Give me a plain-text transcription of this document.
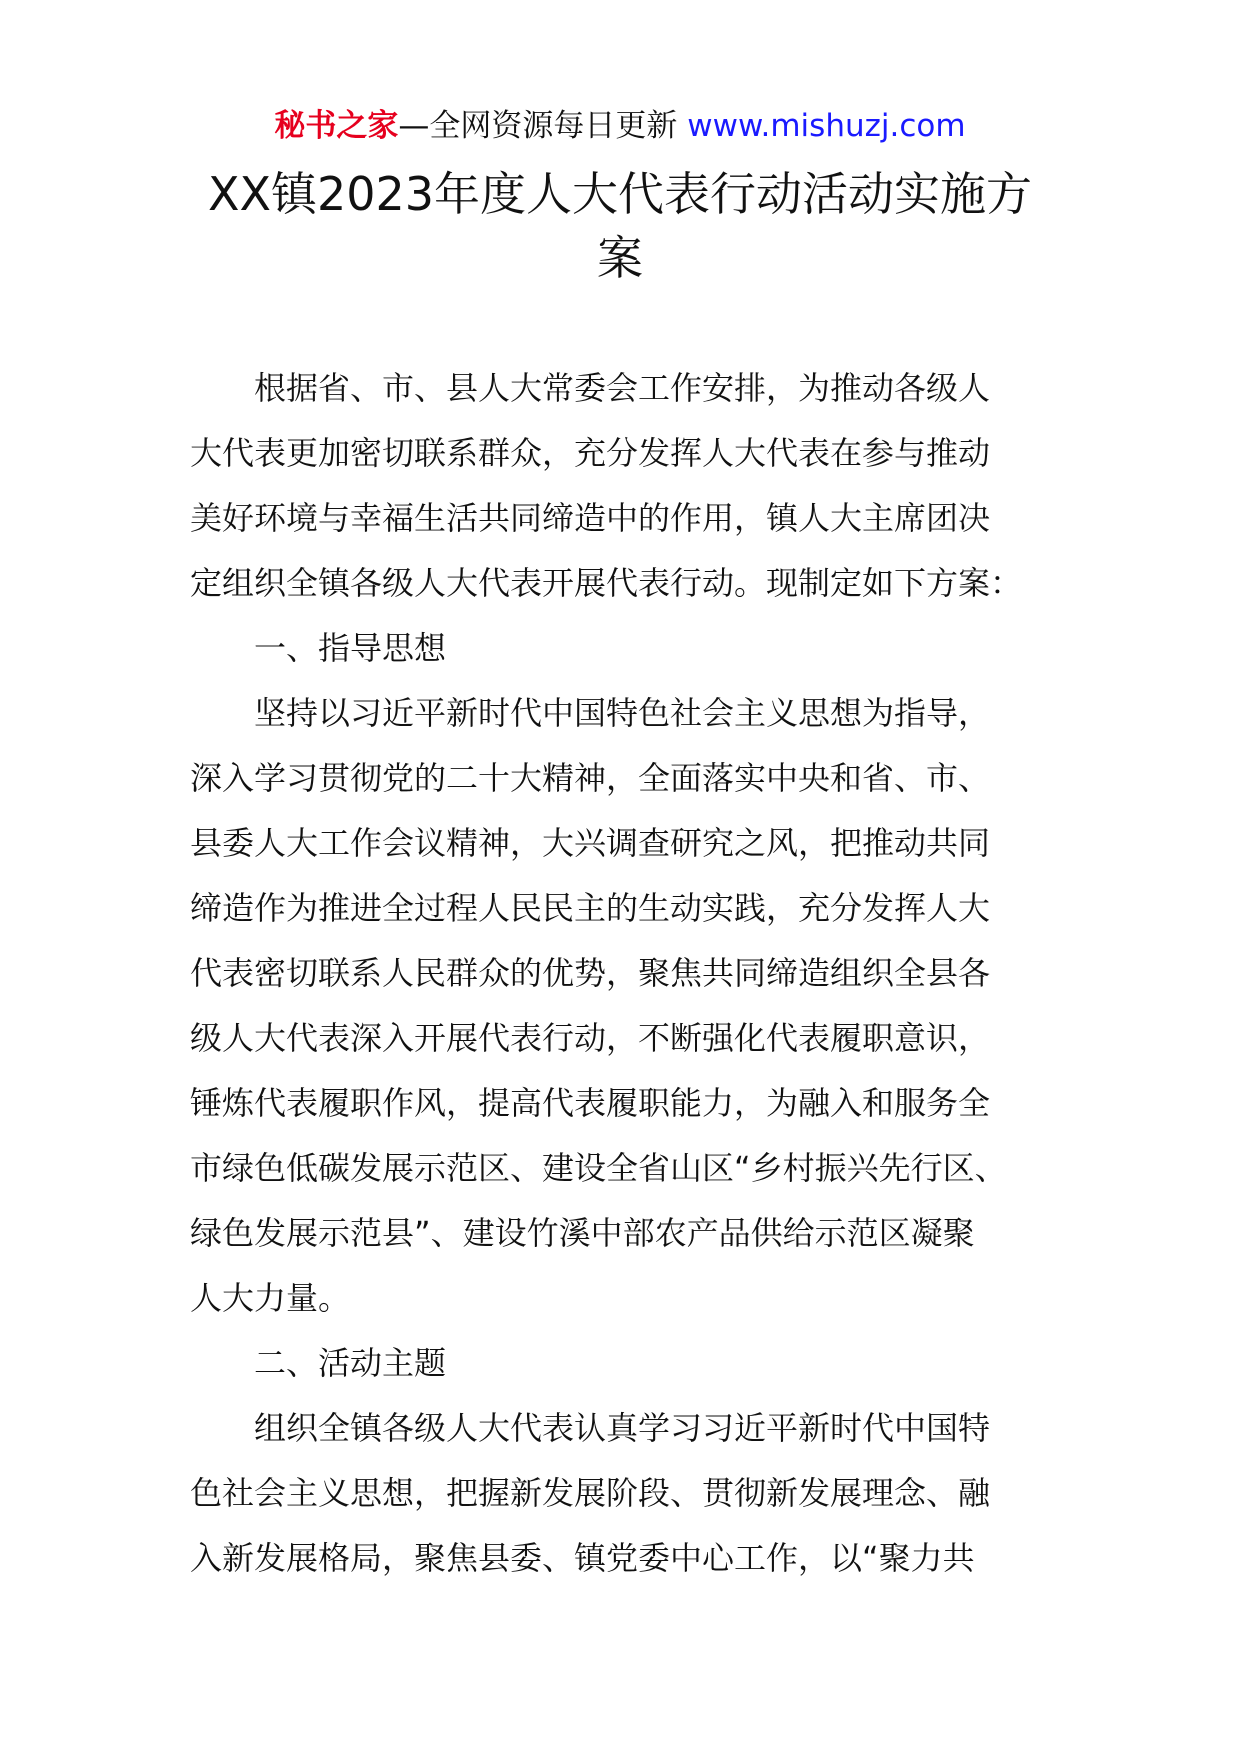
秘书之家—全网资源每日更新 www.mishuzj.com
XX镇2023年度人大代表行动活动实施方
案
根据省、市、县人大常委会工作安排，为推动各级人
大代表更加密切联系群众，充分发挥人大代表在参与推动
美好环境与幸福生活共同缔造中的作用，镇人大主席团决
定组织全镇各级人大代表开展代表行动。现制定如下方案：
一、指导思想
坚持以习近平新时代中国特色社会主义思想为指导，
深入学习贯彻党的二十大精神，全面落实中央和省、市、
县委人大工作会议精神，大兴调查研究之风，把推动共同
缔造作为推进全过程人民民主的生动实践，充分发挥人大
代表密切联系人民群众的优势，聚焦共同缔造组织全县各
级人大代表深入开展代表行动，不断强化代表履职意识，
锤炼代表履职作风，提高代表履职能力，为融入和服务全
市绿色低碳发展示范区、建设全省山区“乡村振兴先行区、
绿色发展示范县”、建设竹溪中部农产品供给示范区凝聚
人大力量。
二、活动主题
组织全镇各级人大代表认真学习习近平新时代中国特
色社会主义思想，把握新发展阶段、贯彻新发展理念、融
入新发展格局，聚焦县委、镇党委中心工作，以“聚力共
